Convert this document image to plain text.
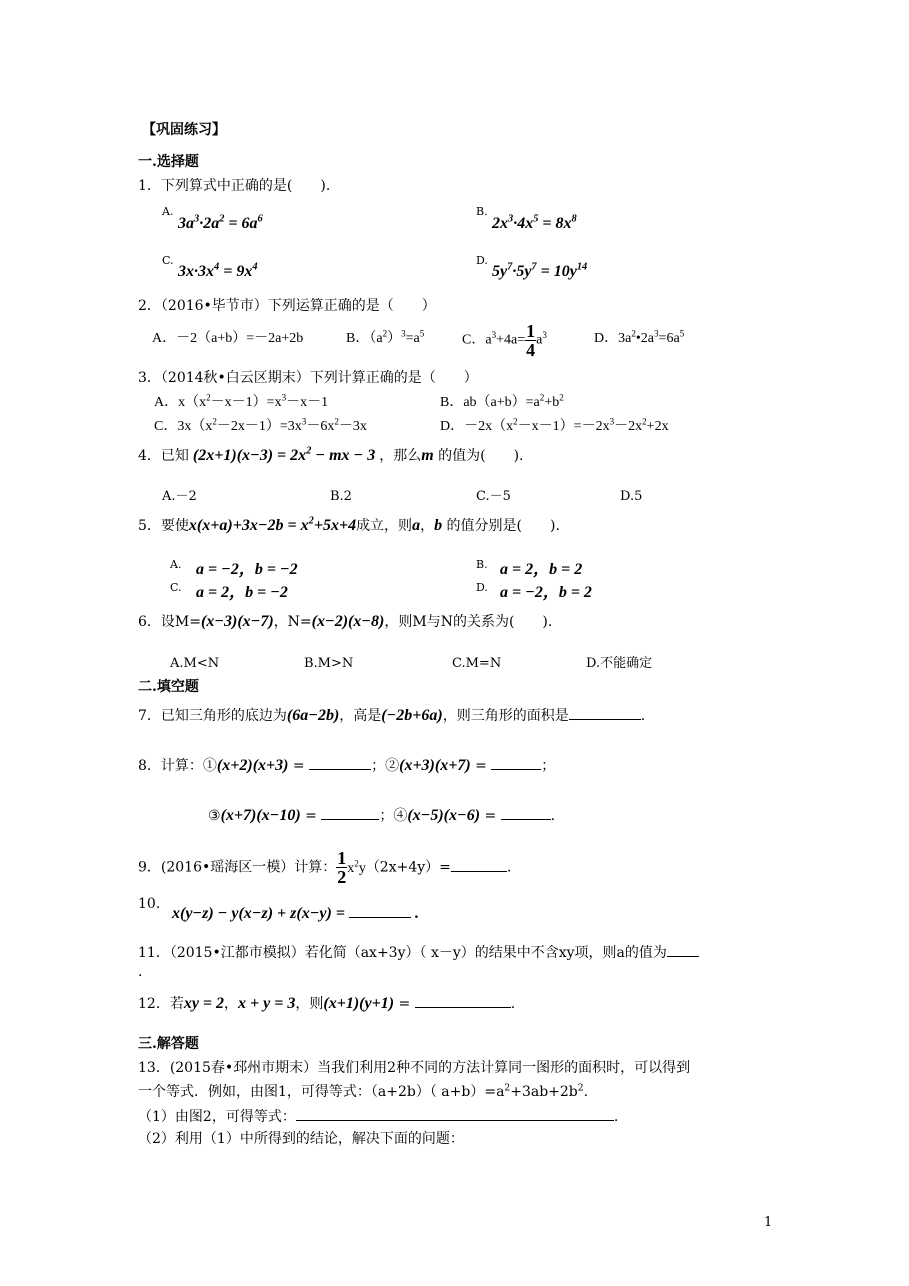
【巩固练习】
一.选择题
1．下列算式中正确的是(　　).
A.
$3a^3\cdot 2a^2 = 6a^6$
B.
$2x^3\cdot 4x^5 = 8x^8$
C.
$3x\cdot 3x^4 = 9x^4$
D.
$5y^7\cdot 5y^7 = 10y^{14}$
2．（2016•毕节市）下列运算正确的是（　　）
A．－2（a+b）=－2a+2b	B．$(a^2)^3=a^5$	C．$a^3+4a= \frac{1}{4} a^3$	D．$3a^2•2a^3=6a^5$
3．（2014秋•白云区期末）下列计算正确的是（　　）
A．$x(x^2-x-1)=x^3-x-1$	B．$ab(a+b)=a^2+b^2$
C．$3x(x^2-2x-1)=3x^3-6x^2-3x$	D．$-2x(x^2-x-1)=-2x^3-2x^2+2x$
4．已知 $(2x+1)(x-3) = 2x^2$ − mx − 3 ，那么m 的值为(　　).
A.－2	B.2	C.－5	D.5
5．要使$x(x+a)+3x-2b = x^2+5x+4$成立，则a，b 的值分别是(　　).
A. a = −2，b = −2	B. a = 2，b = 2
C. a = 2，b = −2	D. a = −2，b = 2
6．设M=(x−3)(x−7)，N=(x−2)(x−8)，则M与N的关系为(　　).
A.M<N	B.M>N	C.M=N	D.不能确定
二.填空题
7．已知三角形的底边为(6a−2b)，高是(−2b+6a)，则三角形的面积是	.
8．计算：①(x+2)(x+3) =	；②(x+3)(x+7) =	；
③(x+7)(x−10) =	；④(x−5)(x−6) =	.
9．(2016•瑶海区一模）计算： $\frac{1}{2} x^2y(2x+4y)=$	.
10.
x(y−z) − y(x−z) + z(x−y) =	.
11．（2015•江都市模拟）若化简（ax+3y）（ x－y）的结果中不含xy项，则a的值为
.
12．若xy = 2，x + y = 3，则(x+1)(y+1) =	.
三.解答题
13．(2015春•邳州市期末）当我们利用2种不同的方法计算同一图形的面积时，可以得到
一个等式．例如，由图1，可得等式：（a+2b）（ $a+b)=a^2+3ab+2b^2$.
（1）由图2，可得等式：	.
（2）利用（1）中所得到的结论，解决下面的问题：
1
